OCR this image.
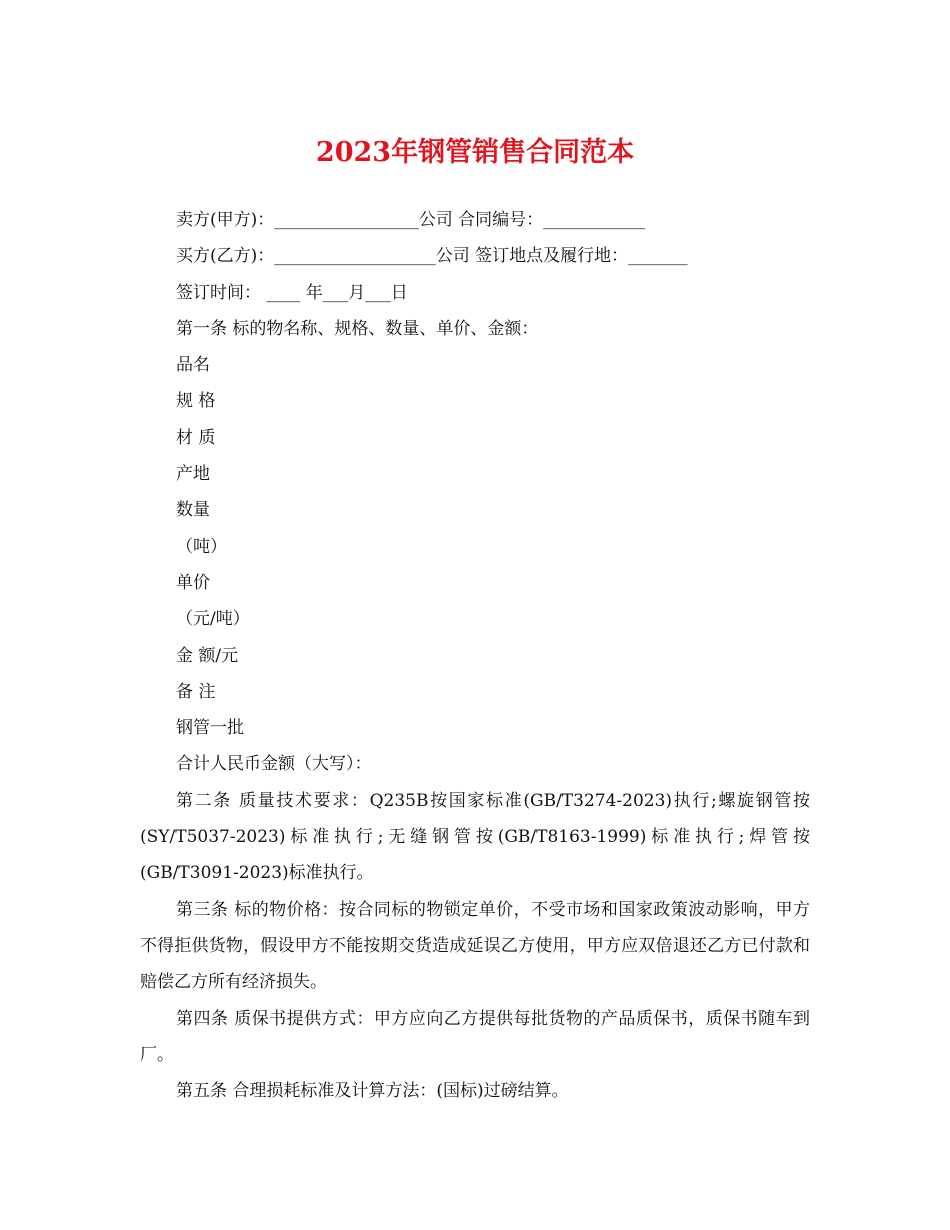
2023年钢管销售合同范本
卖方(甲方)：_________________公司 合同编号：____________
买方(乙方)：___________________公司 签订地点及履行地：_______
签订时间： ____ 年___月___日
第一条 标的物名称、规格、数量、单价、金额：
品名
规 格
材 质
产地
数量
（吨）
单价
（元/吨）
金 额/元
备 注
钢管一批
合计人民币金额（大写）：
第二条 质量技术要求：Q235B按国家标准(GB/T3274-2023)执行;螺旋钢管按(SY/T5037-2023)标准执行;无缝钢管按(GB/T8163-1999)标准执行;焊管按(GB/T3091-2023)标准执行。
第三条 标的物价格：按合同标的物锁定单价，不受市场和国家政策波动影响，甲方不得拒供货物，假设甲方不能按期交货造成延误乙方使用，甲方应双倍退还乙方已付款和赔偿乙方所有经济损失。
第四条 质保书提供方式：甲方应向乙方提供每批货物的产品质保书，质保书随车到厂。
第五条 合理损耗标准及计算方法：(国标)过磅结算。
